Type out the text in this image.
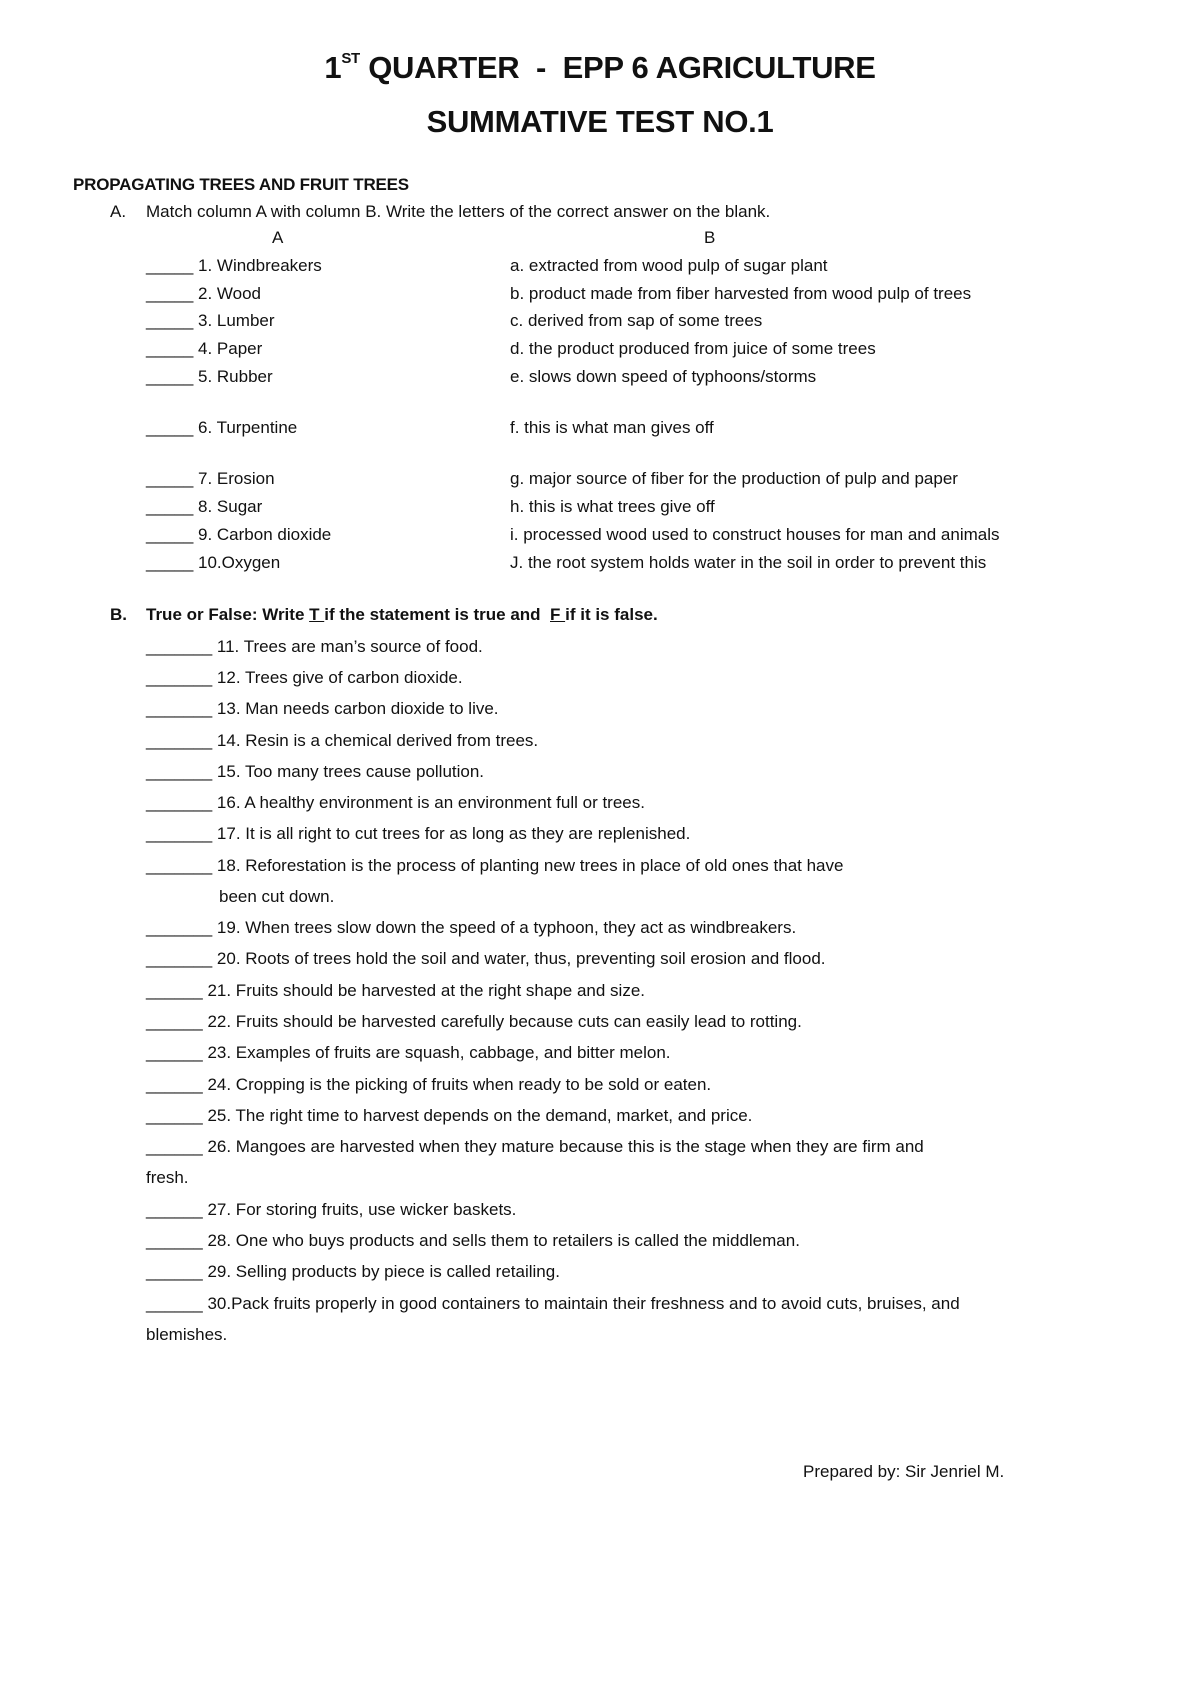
1ST QUARTER  -  EPP 6 AGRICULTURE
SUMMATIVE TEST NO.1
PROPAGATING TREES AND FRUIT TREES
A. Match column A with column B. Write the letters of the correct answer on the blank.
A	B
_____ 1. Windbreakers	a. extracted from wood pulp of sugar plant
_____ 2. Wood	b. product made from fiber harvested from wood pulp of trees
_____ 3. Lumber	c. derived from sap of some trees
_____ 4. Paper	d. the product produced from juice of some trees
_____ 5. Rubber	e. slows down speed of typhoons/storms
_____ 6. Turpentine	f. this is what man gives off
_____ 7. Erosion	g. major source of fiber for the production of pulp and paper
_____ 8. Sugar	h. this is what trees give off
_____ 9. Carbon dioxide	i. processed wood used to construct houses for man and animals
_____ 10.Oxygen	J. the root system holds water in the soil in order to prevent this
B. True or False: Write T if the statement is true and  F if it is false.
_______ 11. Trees are man’s source of food.
_______ 12. Trees give of carbon dioxide.
_______ 13. Man needs carbon dioxide to live.
_______ 14. Resin is a chemical derived from trees.
_______ 15. Too many trees cause pollution.
_______ 16. A healthy environment is an environment full or trees.
_______ 17. It is all right to cut trees for as long as they are replenished.
_______ 18. Reforestation is the process of planting new trees in place of old ones that have
been cut down.
_______ 19. When trees slow down the speed of a typhoon, they act as windbreakers.
_______ 20. Roots of trees hold the soil and water, thus, preventing soil erosion and flood.
______ 21. Fruits should be harvested at the right shape and size.
______ 22. Fruits should be harvested carefully because cuts can easily lead to rotting.
______ 23. Examples of fruits are squash, cabbage, and bitter melon.
______ 24. Cropping is the picking of fruits when ready to be sold or eaten.
______ 25. The right time to harvest depends on the demand, market, and price.
______ 26. Mangoes are harvested when they mature because this is the stage when they are firm and
fresh.
______ 27. For storing fruits, use wicker baskets.
______ 28. One who buys products and sells them to retailers is called the middleman.
______ 29. Selling products by piece is called retailing.
______ 30.Pack fruits properly in good containers to maintain their freshness and to avoid cuts, bruises, and
blemishes.
Prepared by: Sir Jenriel M.
